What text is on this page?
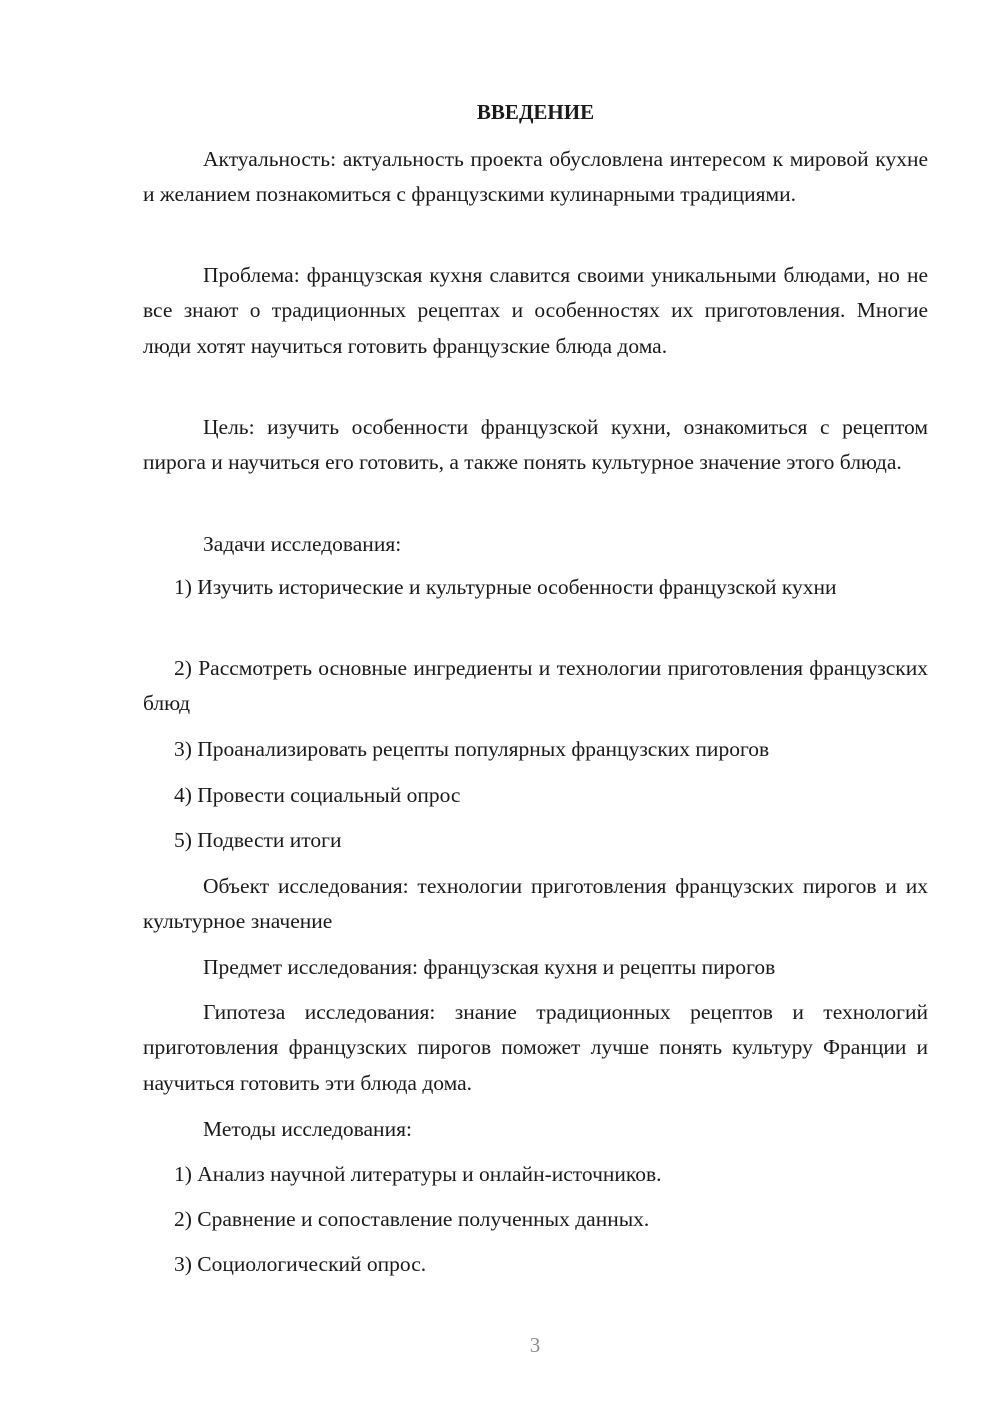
ВВЕДЕНИЕ

Актуальность: актуальность проекта обусловлена интересом к мировой кухне и желанием познакомиться с французскими кулинарными традициями.

Проблема: французская кухня славится своими уникальными блюдами, но не все знают о традиционных рецептах и особенностях их приготовления. Многие люди хотят научиться готовить французские блюда дома.

Цель: изучить особенности французской кухни, ознакомиться с рецептом пирога и научиться его готовить, а также понять культурное значение этого блюда.

Задачи исследования:

1) Изучить исторические и культурные особенности французской кухни

2) Рассмотреть основные ингредиенты и технологии приготовления французских блюд

3) Проанализировать рецепты популярных французских пирогов

4) Провести социальный опрос

5) Подвести итоги

Объект исследования: технологии приготовления французских пирогов и их культурное значение

Предмет исследования: французская кухня и рецепты пирогов

Гипотеза исследования: знание традиционных рецептов и технологий приготовления французских пирогов поможет лучше понять культуру Франции и научиться готовить эти блюда дома.

Методы исследования:

1) Анализ научной литературы и онлайн-источников.

2) Сравнение и сопоставление полученных данных.

3) Социологический опрос.

3
